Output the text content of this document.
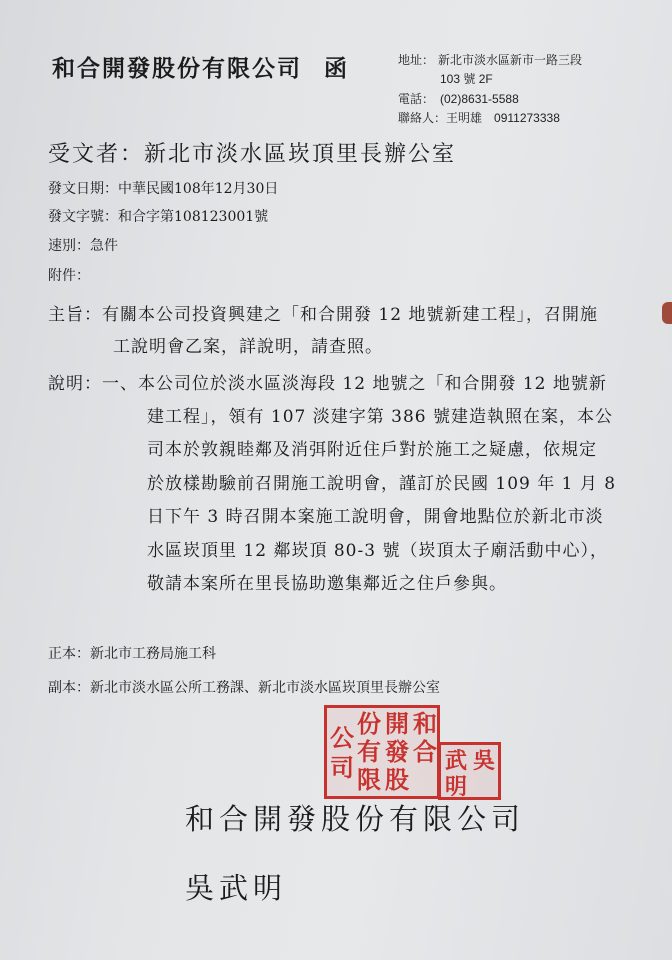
和合開發股份有限公司 函	地址： 新北市淡水區新市一路三段
103 號 2F
電話： (02)8631-5588
聯絡人：王明雄　0911273338
受文者：新北市淡水區崁頂里長辦公室
發文日期：中華民國108年12月30日
發文字號：和合字第108123001號
速別：急件
附件：
主旨：有關本公司投資興建之「和合開發 12 地號新建工程」，召開施
工說明會乙案，詳說明，請查照。
說明：一、本公司位於淡水區淡海段 12 地號之「和合開發 12 地號新
建工程」，領有 107 淡建字第 386 號建造執照在案，本公
司本於敦親睦鄰及消弭附近住戶對於施工之疑慮，依規定
於放樣勘驗前召開施工說明會，謹訂於民國 109 年 1 月 8
日下午 3 時召開本案施工說明會，開會地點位於新北市淡
水區崁頂里 12 鄰崁頂 80-3 號（崁頂太子廟活動中心），
敬請本案所在里長協助邀集鄰近之住戶參與。
正本：新北市工務局施工科
副本：新北市淡水區公所工務課、新北市淡水區崁頂里長辦公室
和
合
開
發
股
份
有
限
公
司	吳
武
明
和合開發股份有限公司
吳武明
